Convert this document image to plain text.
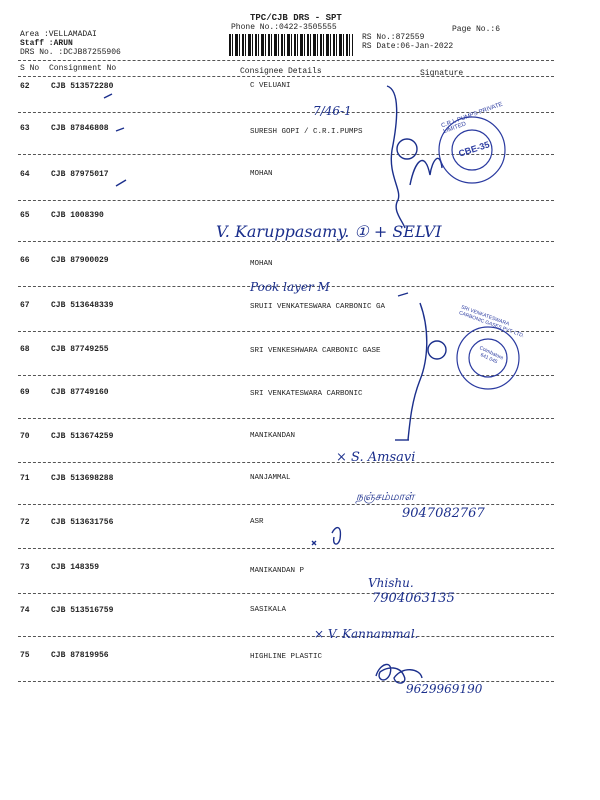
TPC/CJB DRS - SPT
Phone No.:0422-3505555	Page No.:6
Area :VELLAMADAI
Staff :ARUN
DRS No. :DCJB87255906
RS No.:872559
RS Date:06-Jan-2022
S No Consignment No	Consignee Details	Signature
62	CJB 513572280	C VELUANI
63	CJB 87846808	SURESH GOPI / C.R.I.PUMPS
64	CJB 87975017	MOHAN
65	CJB 1008390
66	CJB 87900029	MOHAN
67	CJB 513648339	SRUII VENKATESWARA CARBONIC GA
68	CJB 87749255	SRI VENKESHWARA CARBONIC GASE
69	CJB 87749160	SRI VENKATESWARA CARBONIC
70	CJB 513674259	MANIKANDAN
71	CJB 513698288	NANJAMMAL
72	CJB 513631756	ASR
73	CJB 148359	MANIKANDAN P
74	CJB 513516759	SASIKALA
75	CJB 87819956	HIGHLINE PLASTIC
C.R.I. PUMPS PRIVATE LIMITED
CBE-35
SRI VENKATESWARA CARBONIC GASES PVT. LTD.
Coimbatore 641 045
7/46-1
V. Karuppasamy. ① + SELVI
Pook layer M
× S. Amsavi
நஞ்சம்மாள்
9047082767
Vhishu.
7904063135
× V. Kannammal.
9629969190
